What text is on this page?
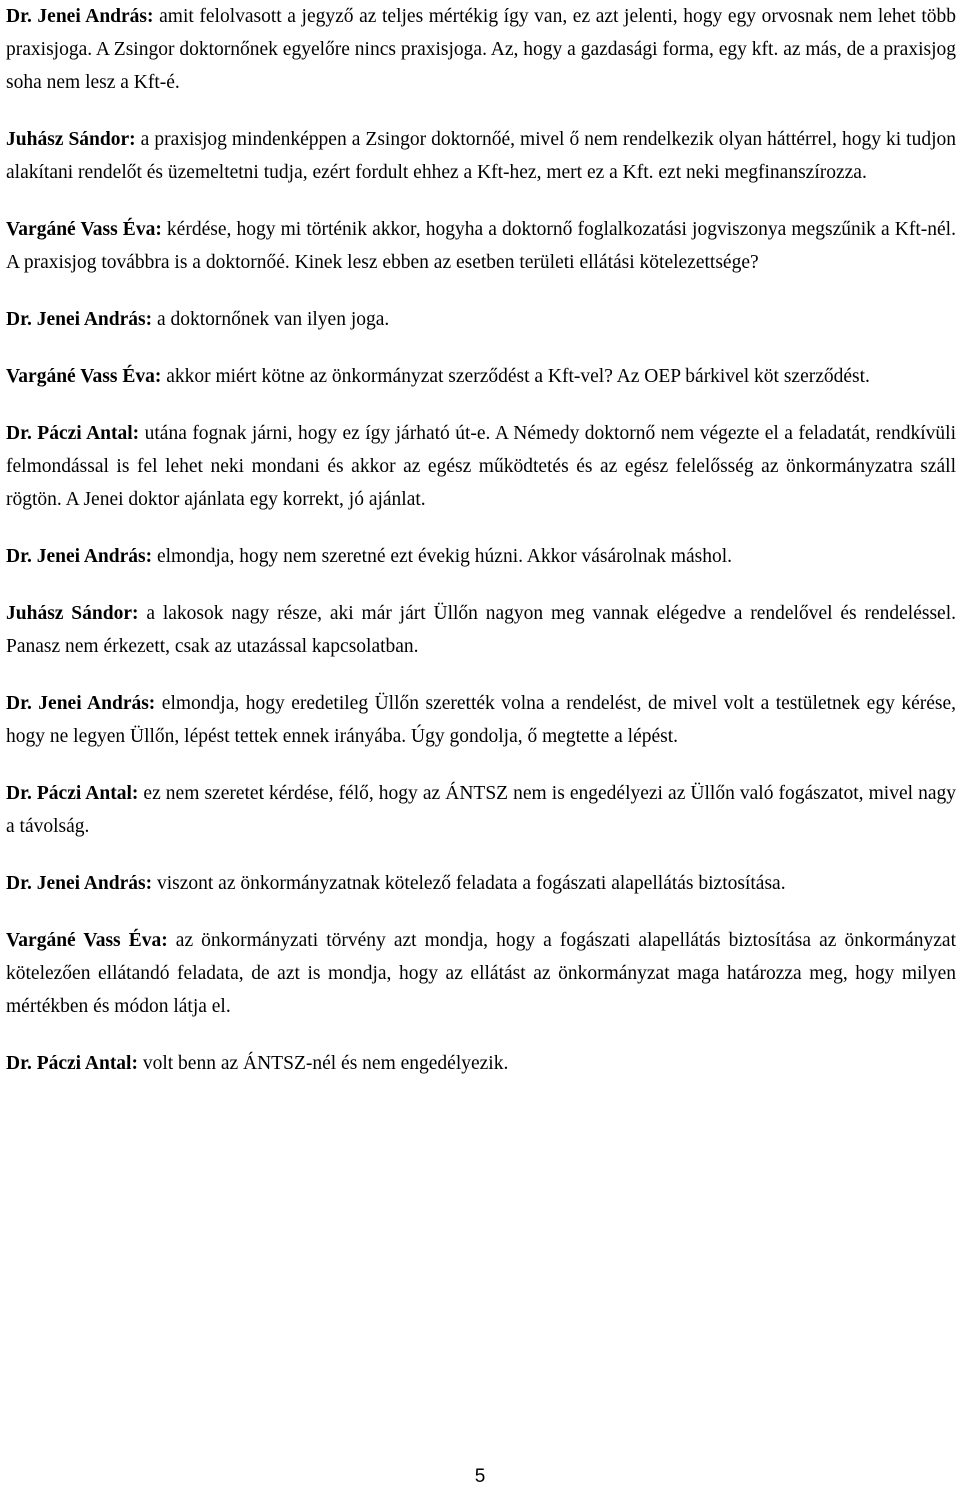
Dr. Jenei András: amit felolvasott a jegyző az teljes mértékig így van, ez azt jelenti, hogy egy orvosnak nem lehet több praxisjoga. A Zsingor doktornőnek egyelőre nincs praxisjoga. Az, hogy a gazdasági forma, egy kft. az más, de a praxisjog soha nem lesz a Kft-é.

Juhász Sándor: a praxisjog mindenképpen a Zsingor doktornőé, mivel ő nem rendelkezik olyan háttérrel, hogy ki tudjon alakítani rendelőt és üzemeltetni tudja, ezért fordult ehhez a Kft-hez, mert ez a Kft. ezt neki megfinanszírozza.

Vargáné Vass Éva: kérdése, hogy mi történik akkor, hogyha a doktornő foglalkozatási jogviszonya megszűnik a Kft-nél. A praxisjog továbbra is a doktornőé. Kinek lesz ebben az esetben területi ellátási kötelezettsége?

Dr. Jenei András: a doktornőnek van ilyen joga.

Vargáné Vass Éva: akkor miért kötne az önkormányzat szerződést a Kft-vel? Az OEP bárkivel köt szerződést.

Dr. Páczi Antal: utána fognak járni, hogy ez így járható út-e. A Némedy doktornő nem végezte el a feladatát, rendkívüli felmondással is fel lehet neki mondani és akkor az egész működtetés és az egész felelősség az önkormányzatra száll rögtön. A Jenei doktor ajánlata egy korrekt, jó ajánlat.

Dr. Jenei András: elmondja, hogy nem szeretné ezt évekig húzni. Akkor vásárolnak máshol.

Juhász Sándor: a lakosok nagy része, aki már járt Üllőn nagyon meg vannak elégedve a rendelővel és rendeléssel. Panasz nem érkezett, csak az utazással kapcsolatban.

Dr. Jenei András: elmondja, hogy eredetileg Üllőn szerették volna a rendelést, de mivel volt a testületnek egy kérése, hogy ne legyen Üllőn, lépést tettek ennek irányába. Úgy gondolja, ő megtette a lépést.

Dr. Páczi Antal: ez nem szeretet kérdése, félő, hogy az ÁNTSZ nem is engedélyezi az Üllőn való fogászatot, mivel nagy a távolság.

Dr. Jenei András: viszont az önkormányzatnak kötelező feladata a fogászati alapellátás biztosítása.

Vargáné Vass Éva: az önkormányzati törvény azt mondja, hogy a fogászati alapellátás biztosítása az önkormányzat kötelezően ellátandó feladata, de azt is mondja, hogy az ellátást az önkormányzat maga határozza meg, hogy milyen mértékben és módon látja el.

Dr. Páczi Antal: volt benn az ÁNTSZ-nél és nem engedélyezik.

5
